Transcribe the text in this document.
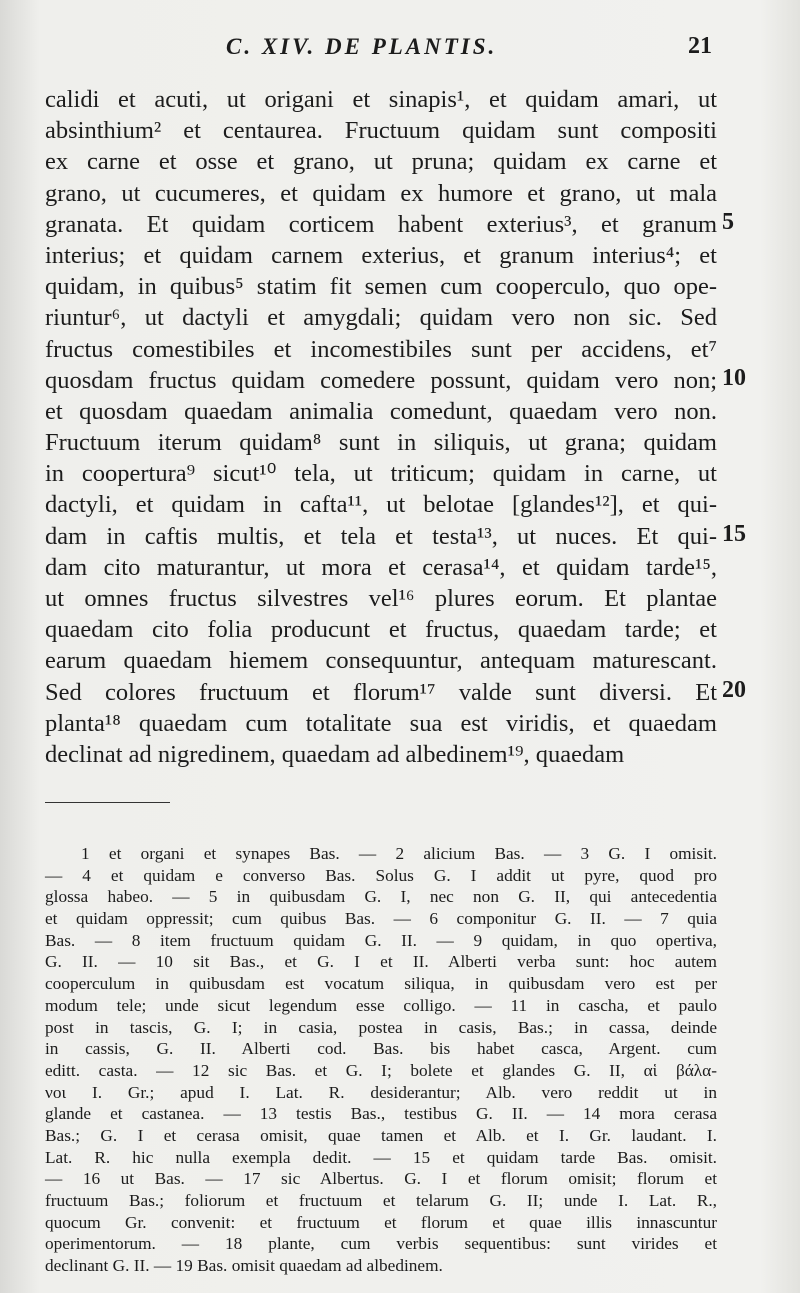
C. XIV. DE PLANTIS.	21
calidi et acuti, ut origani et sinapis¹, et quidam amari, ut
absinthium² et centaurea. Fructuum quidam sunt compositi
ex carne et osse et grano, ut pruna; quidam ex carne et
grano, ut cucumeres, et quidam ex humore et grano, ut mala
granata. Et quidam corticem habent exterius³, et granum
interius; et quidam carnem exterius, et granum interius⁴; et
quidam, in quibus⁵ statim fit semen cum cooperculo, quo ope-
riuntur⁶, ut dactyli et amygdali; quidam vero non sic. Sed
fructus comestibiles et incomestibiles sunt per accidens, et⁷
quosdam fructus quidam comedere possunt, quidam vero non;
et quosdam quaedam animalia comedunt, quaedam vero non.
Fructuum iterum quidam⁸ sunt in siliquis, ut grana; quidam
in coopertura⁹ sicut¹⁰ tela, ut triticum; quidam in carne, ut
dactyli, et quidam in cafta¹¹, ut belotae [glandes¹²], et qui-
dam in caftis multis, et tela et testa¹³, ut nuces. Et qui-
dam cito maturantur, ut mora et cerasa¹⁴, et quidam tarde¹⁵,
ut omnes fructus silvestres vel¹⁶ plures eorum. Et plantae
quaedam cito folia producunt et fructus, quaedam tarde; et
earum quaedam hiemem consequuntur, antequam maturescant.
Sed colores fructuum et florum¹⁷ valde sunt diversi. Et
planta¹⁸ quaedam cum totalitate sua est viridis, et quaedam
declinat ad nigredinem, quaedam ad albedinem¹⁹, quaedam
5
10
15
20
1 et organi et synapes Bas. — 2 alicium Bas. — 3 G. I omisit.
— 4 et quidam e converso Bas. Solus G. I addit ut pyre, quod pro
glossa habeo. — 5 in quibusdam G. I, nec non G. II, qui antecedentia
et quidam oppressit; cum quibus Bas. — 6 componitur G. II. — 7 quia
Bas. — 8 item fructuum quidam G. II. — 9 quidam, in quo opertiva,
G. II. — 10 sit Bas., et G. I et II. Alberti verba sunt: hoc autem
cooperculum in quibusdam est vocatum siliqua, in quibusdam vero est per
modum tele; unde sicut legendum esse colligo. — 11 in cascha, et paulo
post in tascis, G. I; in casia, postea in casis, Bas.; in cassa, deinde
in cassis, G. II. Alberti cod. Bas. bis habet casca, Argent. cum
editt. casta. — 12 sic Bas. et G. I; bolete et glandes G. II, αἱ βάλα-
νοι I. Gr.; apud I. Lat. R. desiderantur; Alb. vero reddit ut in
glande et castanea. — 13 testis Bas., testibus G. II. — 14 mora cerasa
Bas.; G. I et cerasa omisit, quae tamen et Alb. et I. Gr. laudant. I.
Lat. R. hic nulla exempla dedit. — 15 et quidam tarde Bas. omisit.
— 16 ut Bas. — 17 sic Albertus. G. I et florum omisit; florum et
fructuum Bas.; foliorum et fructuum et telarum G. II; unde I. Lat. R.,
quocum Gr. convenit: et fructuum et florum et quae illis innascuntur
operimentorum. — 18 plante, cum verbis sequentibus: sunt virides et
declinant G. II. — 19 Bas. omisit quaedam ad albedinem.
